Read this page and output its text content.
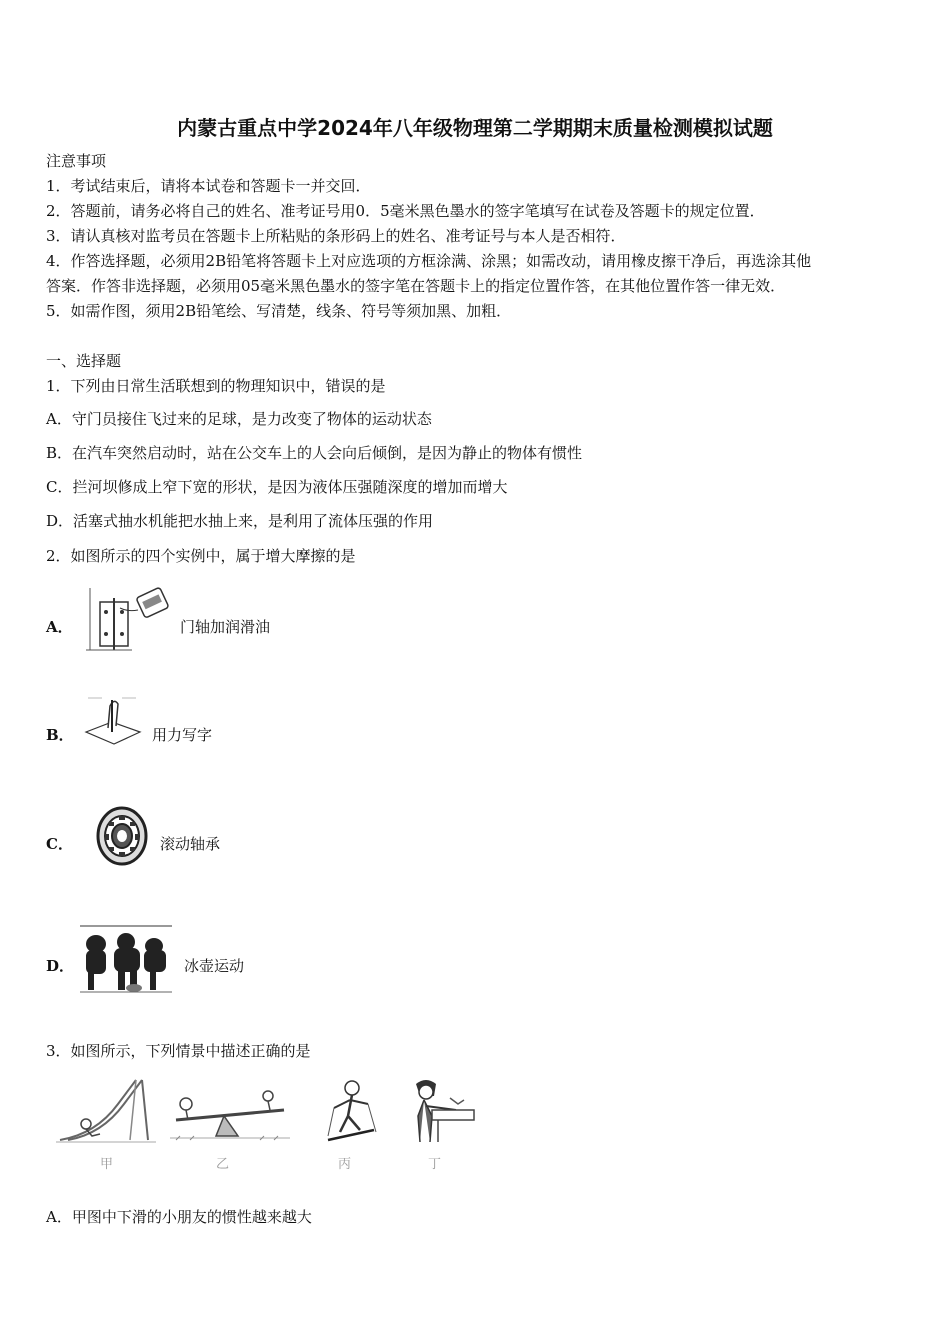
内蒙古重点中学2024年八年级物理第二学期期末质量检测模拟试题
注意事项
1．考试结束后，请将本试卷和答题卡一并交回．
2．答题前，请务必将自己的姓名、准考证号用0．5毫米黑色墨水的签字笔填写在试卷及答题卡的规定位置．
3．请认真核对监考员在答题卡上所粘贴的条形码上的姓名、准考证号与本人是否相符．
4．作答选择题，必须用2B铅笔将答题卡上对应选项的方框涂满、涂黑；如需改动，请用橡皮擦干净后，再选涂其他
答案．作答非选择题，必须用05毫米黑色墨水的签字笔在答题卡上的指定位置作答，在其他位置作答一律无效．
5．如需作图，须用2B铅笔绘、写清楚，线条、符号等须加黑、加粗．
一、选择题
1．下列由日常生活联想到的物理知识中，错误的是
A．守门员接住飞过来的足球，是力改变了物体的运动状态
B．在汽车突然启动时，站在公交车上的人会向后倾倒，是因为静止的物体有惯性
C．拦河坝修成上窄下宽的形状，是因为液体压强随深度的增加而增大
D．活塞式抽水机能把水抽上来，是利用了流体压强的作用
2．如图所示的四个实例中，属于增大摩擦的是
A．	门轴加润滑油
B．	用力写字
C．	滚动轴承
D．	冰壶运动
3．如图所示，下列情景中描述正确的是
甲	乙	丙	丁
A．甲图中下滑的小朋友的惯性越来越大
